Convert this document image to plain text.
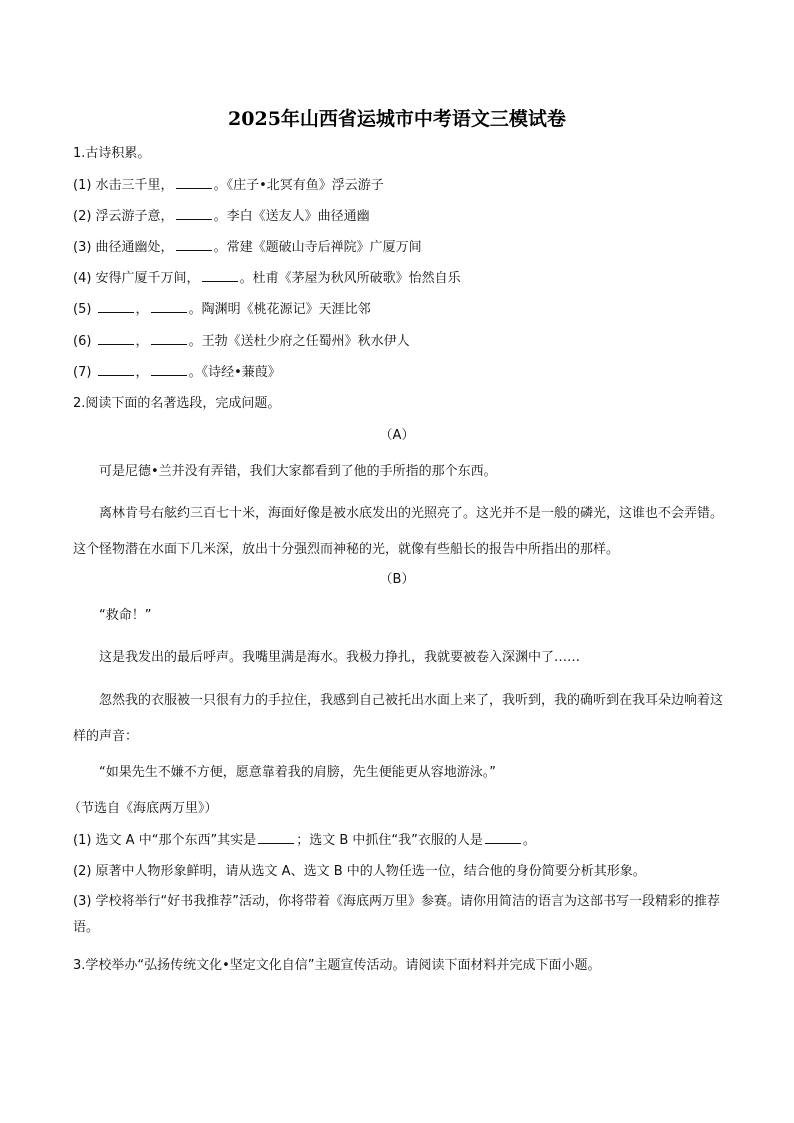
2025年山西省运城市中考语文三模试卷
1.古诗积累。
(1) 水击三千里，	。《庄子•北冥有鱼》浮云游子
(2) 浮云游子意，	。李白《送友人》曲径通幽
(3) 曲径通幽处，	。常建《题破山寺后禅院》广厦万间
(4) 安得广厦千万间，	。杜甫《茅屋为秋风所破歌》怡然自乐
(5)	，	。陶渊明《桃花源记》天涯比邻
(6)	，	。王勃《送杜少府之任蜀州》秋水伊人
(7)	，	。《诗经•蒹葭》
2.阅读下面的名著选段，完成问题。
（A）
可是尼德•兰并没有弄错，我们大家都看到了他的手所指的那个东西。
离林肯号右舷约三百七十米，海面好像是被水底发出的光照亮了。这光并不是一般的磷光，这谁也不会弄错。这个怪物潜在水面下几米深，放出十分强烈而神秘的光，就像有些船长的报告中所指出的那样。
（B）
“救命！”
这是我发出的最后呼声。我嘴里满是海水。我极力挣扎，我就要被卷入深渊中了……
忽然我的衣服被一只很有力的手拉住，我感到自己被托出水面上来了，我听到，我的确听到在我耳朵边响着这样的声音：
“如果先生不嫌不方便，愿意靠着我的肩膀，先生便能更从容地游泳。”
（节选自《海底两万里》）
(1) 选文 A 中“那个东西”其实是	；选文 B 中抓住“我”衣服的人是	。
(2) 原著中人物形象鲜明，请从选文 A、选文 B 中的人物任选一位，结合他的身份简要分析其形象。
(3) 学校将举行“好书我推荐”活动，你将带着《海底两万里》参赛。请你用简洁的语言为这部书写一段精彩的推荐语。
3.学校举办“弘扬传统文化•坚定文化自信”主题宣传活动。请阅读下面材料并完成下面小题。
